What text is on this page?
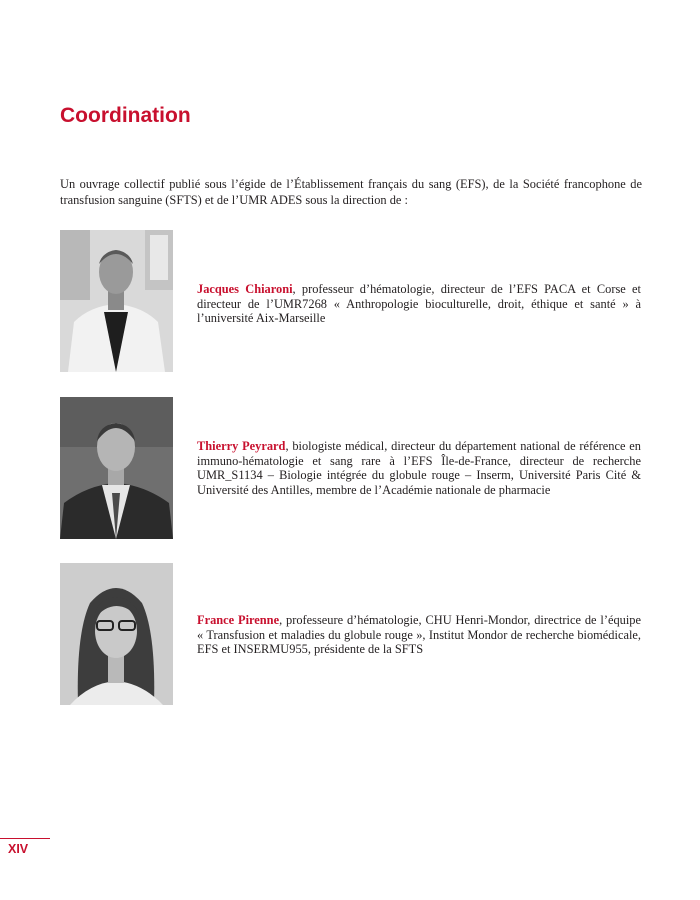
Coordination

Un ouvrage collectif publié sous l’égide de l’Établissement français du sang (EFS), de la Société francophone de transfusion sanguine (SFTS) et de l’UMR ADES sous la direction de :

Jacques Chiaroni, professeur d’hématologie, directeur de l’EFS PACA et Corse et directeur de l’UMR7268 « Anthropologie bioculturelle, droit, éthique et santé » à l’université Aix-Marseille

Thierry Peyrard, biologiste médical, directeur du département national de référence en immuno-hématologie et sang rare à l’EFS Île-de-France, directeur de recherche UMR_S1134 – Biologie intégrée du globule rouge – Inserm, Université Paris Cité & Université des Antilles, membre de l’Académie nationale de pharmacie

France Pirenne, professeure d’hématologie, CHU Henri-Mondor, directrice de l’équipe « Transfusion et maladies du globule rouge », Institut Mondor de recherche biomédicale, EFS et INSERMU955, présidente de la SFTS

XIV
